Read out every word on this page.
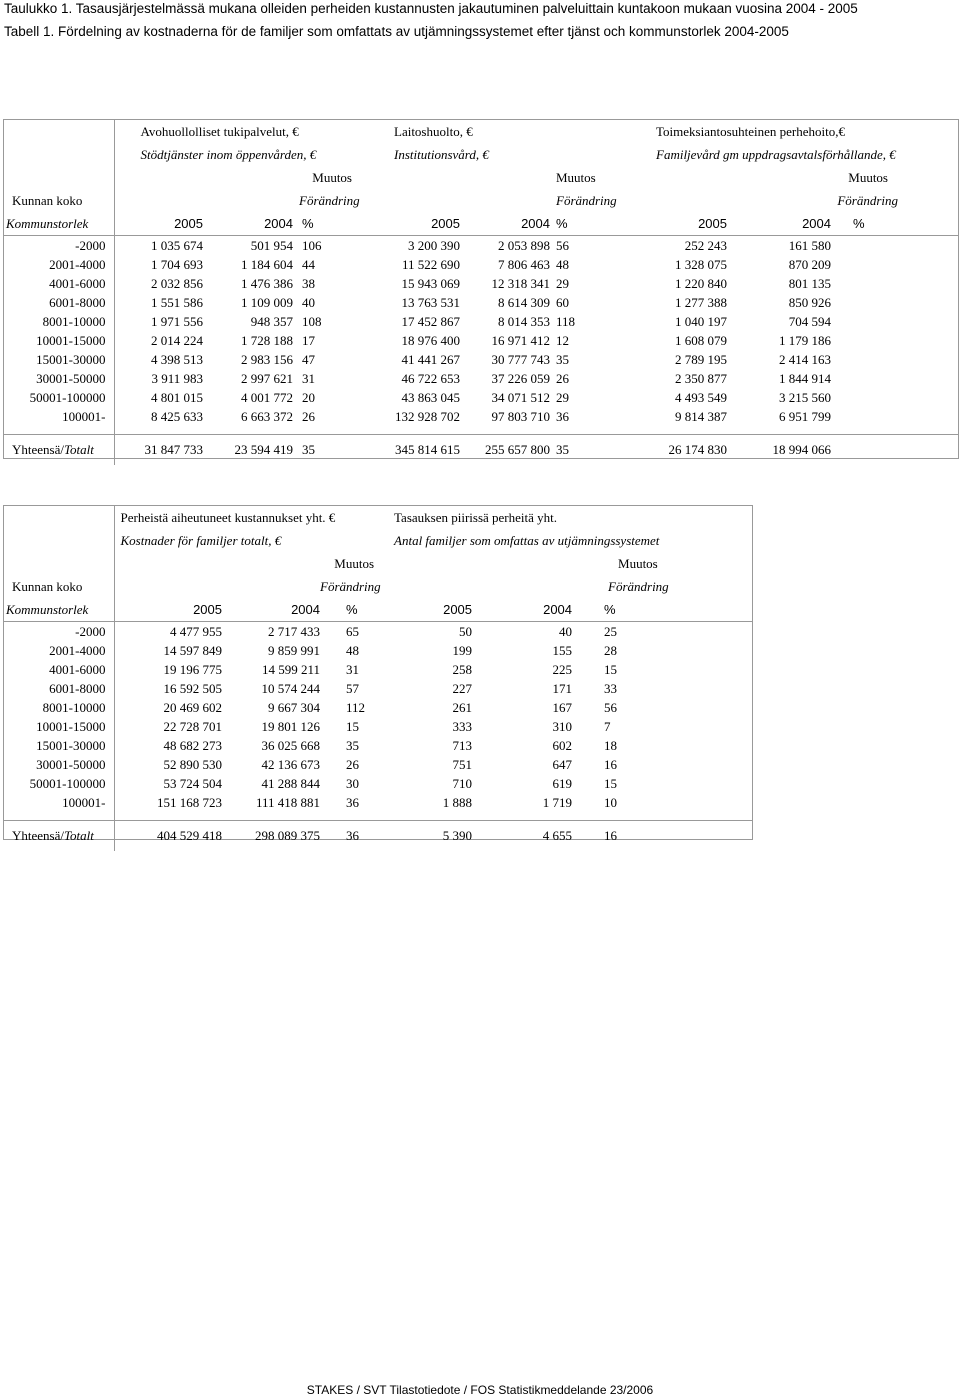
Taulukko 1. Tasausjärjestelmässä mukana olleiden perheiden kustannusten jakautuminen palveluittain kuntakoon mukaan vuosina 2004 - 2005
Tabell 1. Fördelning av kostnaderna för de familjer som omfattats av utjämningssystemet efter tjänst och kommunstorlek 2004-2005
	Avohuollolliset tukipalvelut, €			Laitoshuolto, €			Toimeksiantosuhteinen perhehoito,€		
	Stödtjänster inom öppenvården, €			Institutionsvård, €			Familjevård gm uppdragsavtalsförhållande, €		
			Muutos			Muutos			Muutos
Kunnan koko			Förändring			Förändring			Förändring
Kommunstorlek	2005	2004	%	2005	2004	%	2005	2004	%
-2000	1 035 674	501 954	106	3 200 390	2 053 898	56	252 243	161 580	
2001-4000	1 704 693	1 184 604	44	11 522 690	7 806 463	48	1 328 075	870 209	
4001-6000	2 032 856	1 476 386	38	15 943 069	12 318 341	29	1 220 840	801 135	
6001-8000	1 551 586	1 109 009	40	13 763 531	8 614 309	60	1 277 388	850 926	
8001-10000	1 971 556	948 357	108	17 452 867	8 014 353	118	1 040 197	704 594	
10001-15000	2 014 224	1 728 188	17	18 976 400	16 971 412	12	1 608 079	1 179 186	
15001-30000	4 398 513	2 983 156	47	41 441 267	30 777 743	35	2 789 195	2 414 163	
30001-50000	3 911 983	2 997 621	31	46 722 653	37 226 059	26	2 350 877	1 844 914	
50001-100000	4 801 015	4 001 772	20	43 863 045	34 071 512	29	4 493 549	3 215 560	
100001-	8 425 633	6 663 372	26	132 928 702	97 803 710	36	9 814 387	6 951 799	

Yhteensä/Totalt	31 847 733	23 594 419	35	345 814 615	255 657 800	35	26 174 830	18 994 066	
	Perheistä aiheutuneet kustannukset yht. €			Tasauksen piirissä perheitä yht.		
	Kostnader för familjer totalt, €			Antal familjer som omfattas av utjämningssystemet		
			Muutos			Muutos
Kunnan koko			Förändring			Förändring
Kommunstorlek	2005	2004	%	2005	2004	%
-2000	4 477 955	2 717 433	65	50	40	25
2001-4000	14 597 849	9 859 991	48	199	155	28
4001-6000	19 196 775	14 599 211	31	258	225	15
6001-8000	16 592 505	10 574 244	57	227	171	33
8001-10000	20 469 602	9 667 304	112	261	167	56
10001-15000	22 728 701	19 801 126	15	333	310	7
15001-30000	48 682 273	36 025 668	35	713	602	18
30001-50000	52 890 530	42 136 673	26	751	647	16
50001-100000	53 724 504	41 288 844	30	710	619	15
100001-	151 168 723	111 418 881	36	1 888	1 719	10

Yhteensä/Totalt	404 529 418	298 089 375	36	5 390	4 655	16
STAKES / SVT Tilastotiedote / FOS Statistikmeddelande 23/2006
